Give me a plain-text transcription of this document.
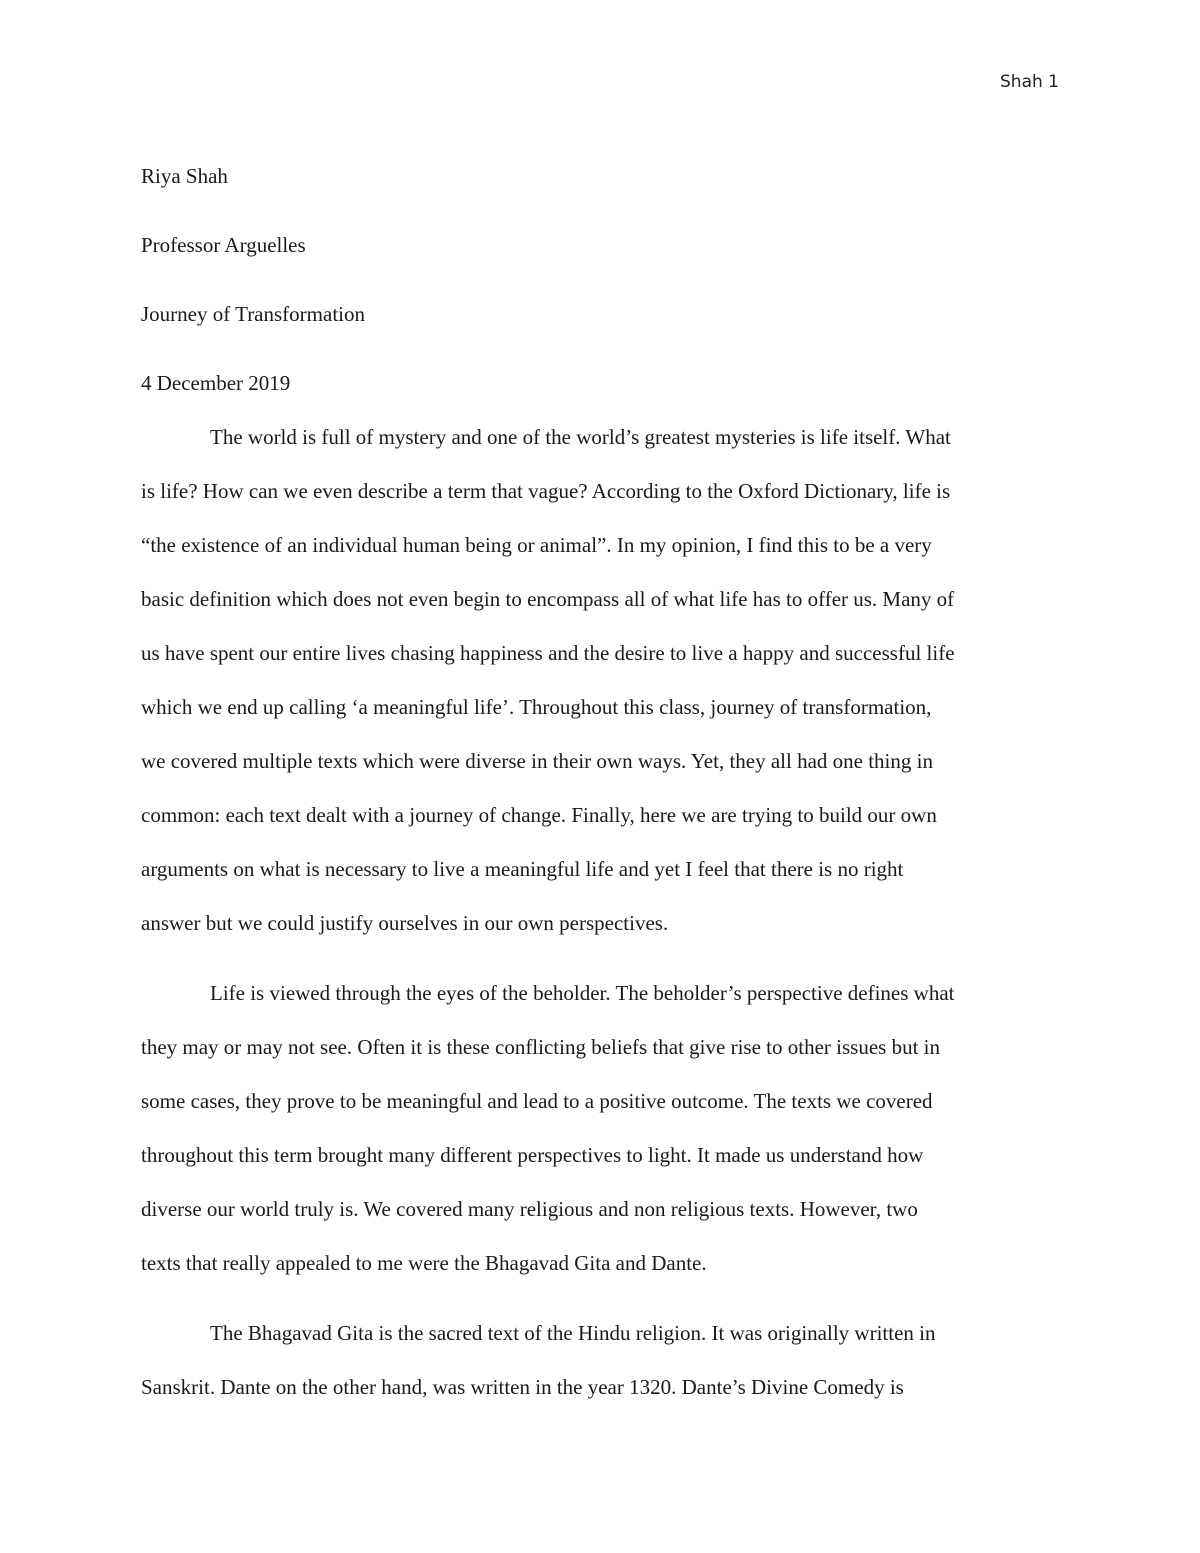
Shah 1
Riya Shah
Professor Arguelles
Journey of Transformation
4 December 2019
The world is full of mystery and one of the world’s greatest mysteries is life itself. What
is life? How can we even describe a term that vague? According to the Oxford Dictionary, life is
“the existence of an individual human being or animal”. In my opinion, I find this to be a very
basic definition which does not even begin to encompass all of what life has to offer us. Many of
us have spent our entire lives chasing happiness and the desire to live a happy and successful life
which we end up calling ‘a meaningful life’. Throughout this class, journey of transformation,
we covered multiple texts which were diverse in their own ways. Yet, they all had one thing in
common: each text dealt with a journey of change. Finally, here we are trying to build our own
arguments on what is necessary to live a meaningful life and yet I feel that there is no right
answer but we could justify ourselves in our own perspectives.
Life is viewed through the eyes of the beholder. The beholder’s perspective defines what
they may or may not see. Often it is these conflicting beliefs that give rise to other issues but in
some cases, they prove to be meaningful and lead to a positive outcome. The texts we covered
throughout this term brought many different perspectives to light. It made us understand how
diverse our world truly is. We covered many religious and non religious texts. However, two
texts that really appealed to me were the Bhagavad Gita and Dante.
The Bhagavad Gita is the sacred text of the Hindu religion. It was originally written in
Sanskrit. Dante on the other hand, was written in the year 1320. Dante’s Divine Comedy is
